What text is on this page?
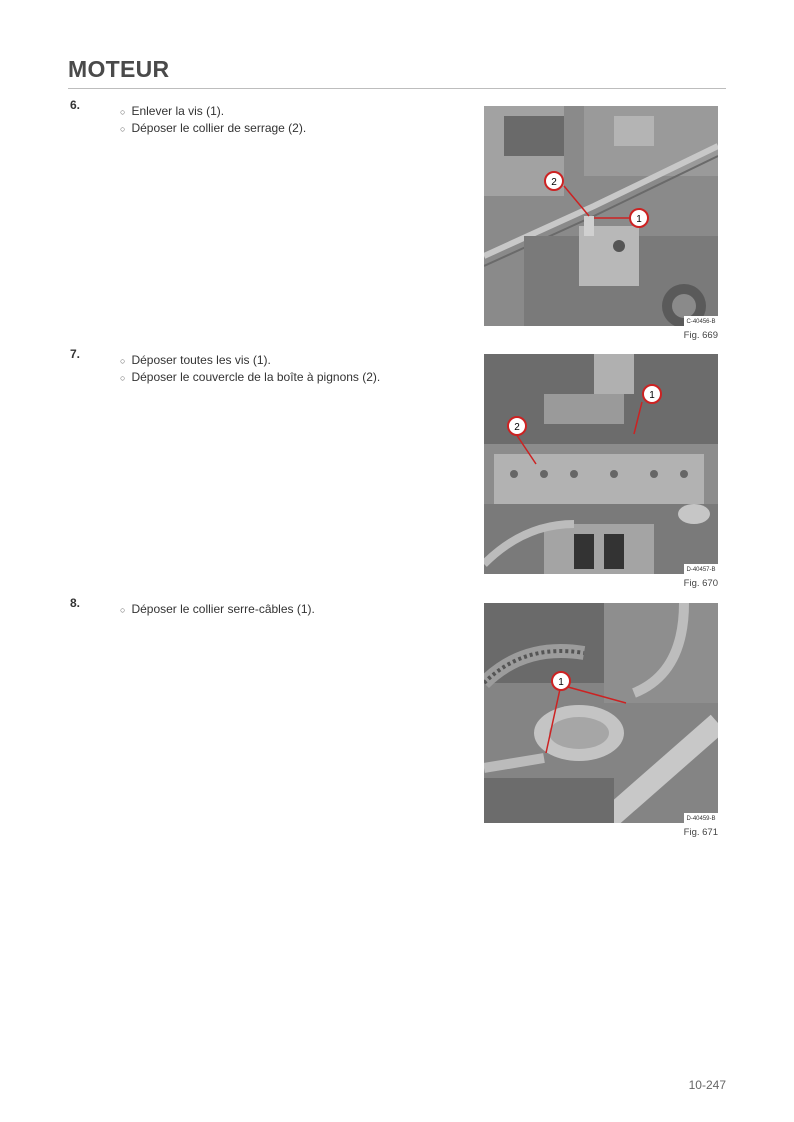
MOTEUR
6.	○ Enlever la vis (1).
○ Déposer le collier de serrage (2).
2
1
C-40456-B
Fig. 669
7.	○ Déposer toutes les vis (1).
○ Déposer le couvercle de la boîte à pignons (2).
1
2
D-40457-B
Fig. 670
8.	○ Déposer le collier serre-câbles (1).
1
D-40459-B
Fig. 671
10-247
